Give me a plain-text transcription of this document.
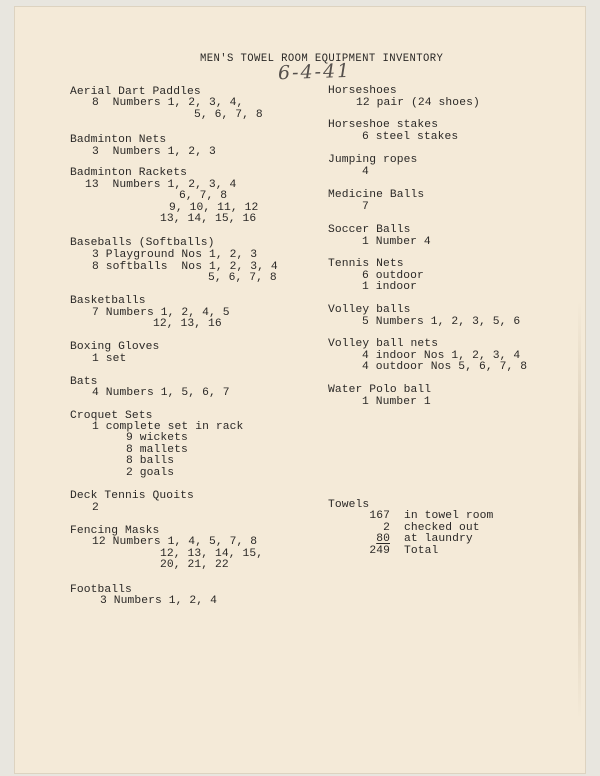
MEN'S TOWEL ROOM EQUIPMENT INVENTORY
6-4-41
Aerial Dart Paddles
8  Numbers 1, 2, 3, 4,
5, 6, 7, 8
Badminton Nets
3  Numbers 1, 2, 3
Badminton Rackets
13  Numbers 1, 2, 3, 4
6, 7, 8
9, 10, 11, 12
13, 14, 15, 16
Baseballs (Softballs)
3 Playground Nos 1, 2, 3
8 softballs  Nos 1, 2, 3, 4
5, 6, 7, 8
Basketballs
7 Numbers 1, 2, 4, 5
12, 13, 16
Boxing Gloves
1 set
Bats
4 Numbers 1, 5, 6, 7
Croquet Sets
1 complete set in rack
9 wickets
8 mallets
8 balls
2 goals
Deck Tennis Quoits
2
Fencing Masks
12 Numbers 1, 4, 5, 7, 8
12, 13, 14, 15,
20, 21, 22
Footballs
3 Numbers 1, 2, 4
Horseshoes
12 pair (24 shoes)
Horseshoe stakes
6 steel stakes
Jumping ropes
4
Medicine Balls
7
Soccer Balls
1 Number 4
Tennis Nets
6 outdoor
1 indoor
Volley balls
5 Numbers 1, 2, 3, 5, 6
Volley ball nets
4 indoor Nos 1, 2, 3, 4
4 outdoor Nos 5, 6, 7, 8
Water Polo ball
1 Number 1
Towels
167 in towel room
2 checked out
80 at laundry
249 Total
